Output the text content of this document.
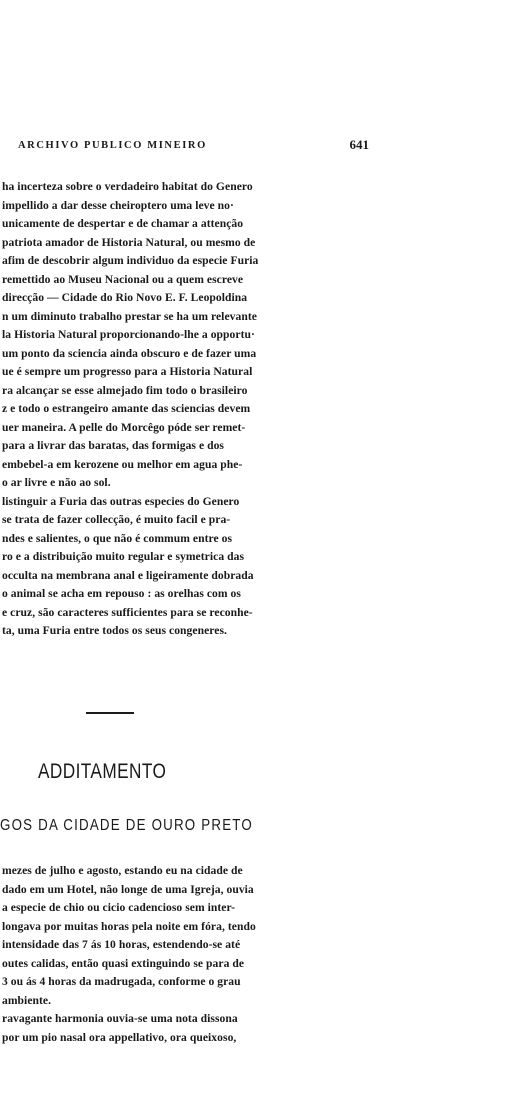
ARCHIVO PUBLICO MINEIRO	641
ha incerteza sobre o verdadeiro habitat do Genero
impellido a dar desse cheiroptero uma leve no·
unicamente de despertar e de chamar a attenção
patriota amador de Historia Natural, ou mesmo de
afim de descobrir algum individuo da especie Furia
remettido ao Museu Nacional ou a quem escreve
direcção — Cidade do Rio Novo E. F. Leopoldina
n um diminuto trabalho prestar se ha um relevante
la Historia Natural proporcionando-lhe a opportu·
um ponto da sciencia ainda obscuro e de fazer uma
ue é sempre um progresso para a Historia Natural
ra alcançar se esse almejado fim todo o brasileiro
z e todo o estrangeiro amante das sciencias devem
uer maneira. A pelle do Morcêgo póde ser remet-
para a livrar das baratas, das formigas e dos
embebel-a em kerozene ou melhor em agua phe-
o ar livre e não ao sol.
listinguir a Furia das outras especies do Genero
se trata de fazer collecção, é muito facil e pra-
ndes e salientes, o que não é commum entre os
ro e a distribuição muito regular e symetrica das
occulta na membrana anal e ligeiramente dobrada
o animal se acha em repouso : as orelhas com os
e cruz, são caracteres sufficientes para se reconhe-
ta, uma Furia entre todos os seus congeneres.
ADDITAMENTO
GOS DA CIDADE DE OURO PRETO
mezes de julho e agosto, estando eu na cidade de
dado em um Hotel, não longe de uma Igreja, ouvia
a especie de chio ou cicio cadencioso sem inter-
longava por muitas horas pela noite em fóra, tendo
intensidade das 7 ás 10 horas, estendendo-se até
outes calidas, então quasi extinguindo se para de
3 ou ás 4 horas da madrugada, conforme o grau
ambiente.
ravagante harmonia ouvia-se uma nota dissona
por um pio nasal ora appellativo, ora queixoso,
